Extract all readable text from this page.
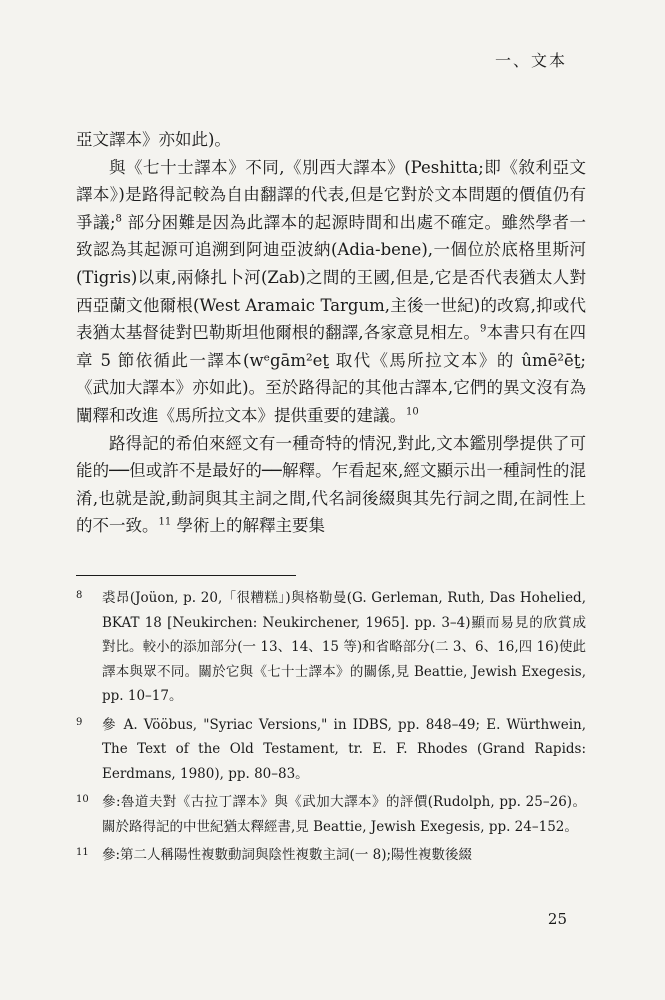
一、文本

亞文譯本》亦如此)。

與《七十士譯本》不同,《別西大譯本》(Peshitta;即《敘利亞文譯本》)是路得記較為自由翻譯的代表,但是它對於文本問題的價值仍有爭議;$^8$ 部分困難是因為此譯本的起源時間和出處不確定。雖然學者一致認為其起源可追溯到阿迪亞波納(Adia-bene),一個位於底格里斯河(Tigris)以東,兩條扎卜河(Zab)之間的王國,但是,它是否代表猶太人對西亞蘭文他爾根(West Aramaic Targum,主後一世紀)的改寫,抑或代表猶太基督徒對巴勒斯坦他爾根的翻譯,各家意見相左。$^9$本書只有在四章 5 節依循此一譯本(wᵉgām²eṯ 取代《馬所拉文本》的 ûmē²ēṯ;《武加大譯本》亦如此)。至於路得記的其他古譯本,它們的異文沒有為闡釋和改進《馬所拉文本》提供重要的建議。$^{10}$

路得記的希伯來經文有一種奇特的情況,對此,文本鑑別學提供了可能的──但或許不是最好的──解釋。乍看起來,經文顯示出一種詞性的混淆,也就是說,動詞與其主詞之間,代名詞後綴與其先行詞之間,在詞性上的不一致。$^{11}$ 學術上的解釋主要集

8 裘昂(Joüon, p. 20,「很糟糕」)與格勒曼(G. Gerleman, Ruth, Das Hohelied, BKAT 18 [Neukirchen: Neukirchener, 1965]. pp. 3–4)顯而易見的欣賞成對比。較小的添加部分(一 13、14、15 等)和省略部分(二 3、6、16,四 16)使此譯本與眾不同。關於它與《七十士譯本》的關係,見 Beattie, Jewish Exegesis, pp. 10–17。
9 參 A. Vööbus, "Syriac Versions," in IDBS, pp. 848–49; E. Würthwein, The Text of the Old Testament, tr. E. F. Rhodes (Grand Rapids: Eerdmans, 1980), pp. 80–83。
10 參:魯道夫對《古拉丁譯本》與《武加大譯本》的評價(Rudolph, pp. 25–26)。關於路得記的中世紀猶太釋經書,見 Beattie, Jewish Exegesis, pp. 24–152。
11 參:第二人稱陽性複數動詞與陰性複數主詞(一 8);陽性複數後綴
25
